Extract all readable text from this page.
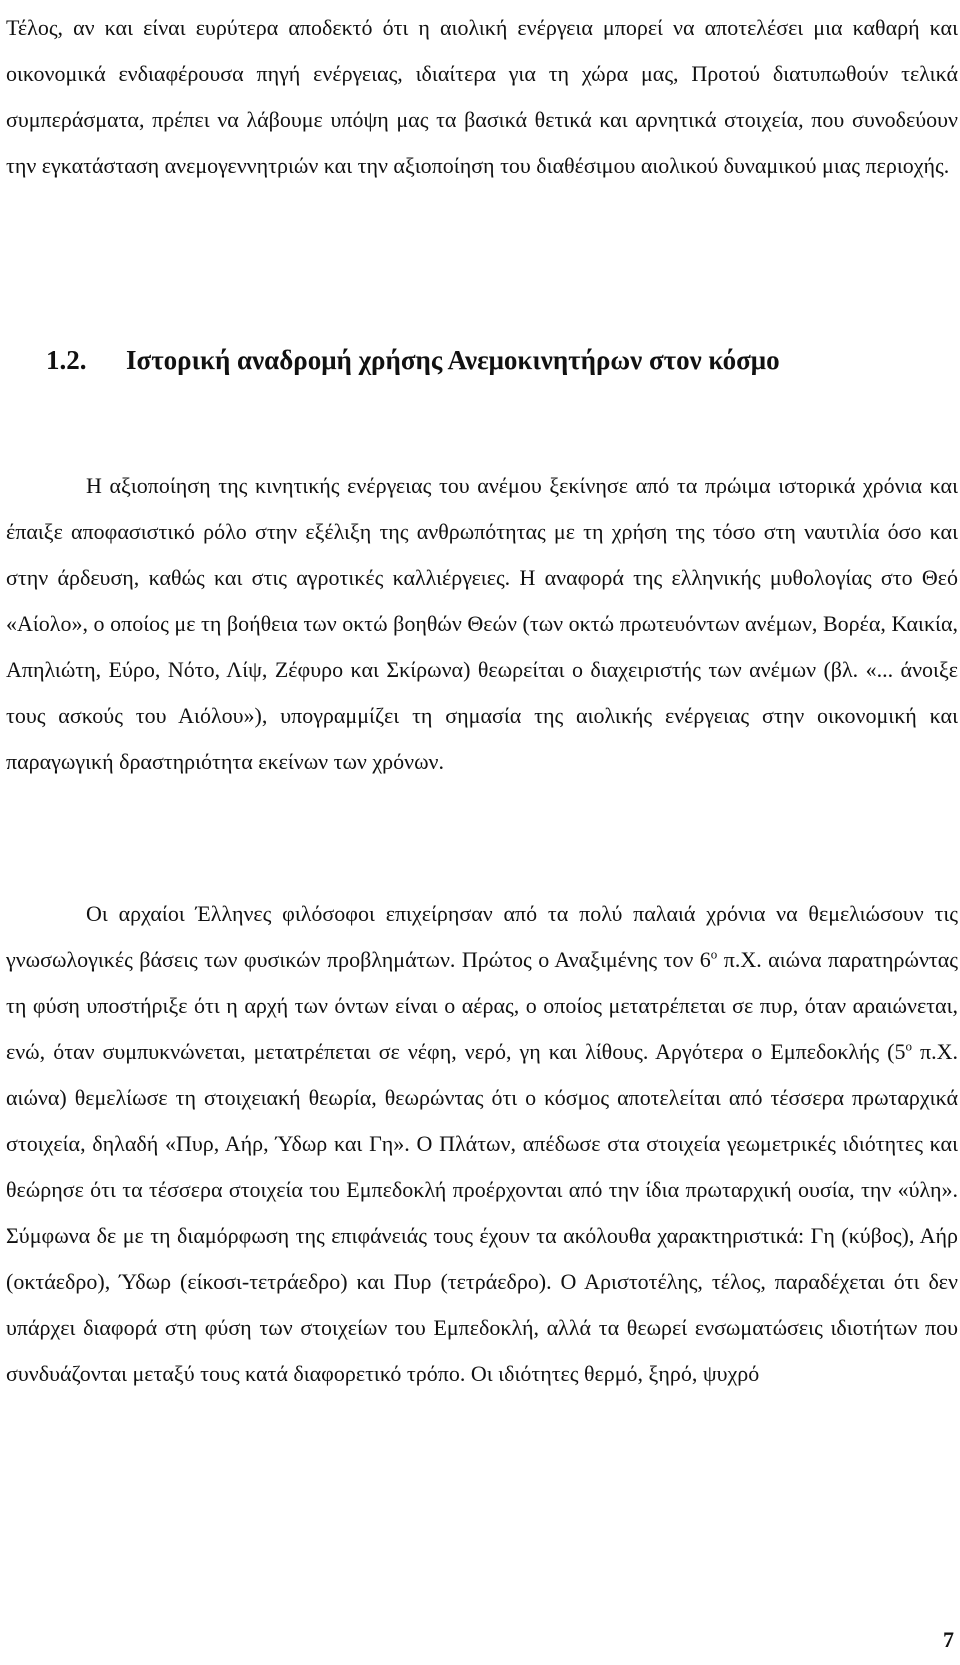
Τέλος, αν και είναι ευρύτερα αποδεκτό ότι η αιολική ενέργεια μπορεί να αποτελέσει μια καθαρή και οικονομικά ενδιαφέρουσα πηγή ενέργειας, ιδιαίτερα για τη χώρα μας, Προτού διατυπωθούν τελικά συμπεράσματα, πρέπει να λάβουμε υπόψη μας τα βασικά θετικά και αρνητικά στοιχεία, που συνοδεύουν την εγκατάσταση ανεμογεννητριών και την αξιοποίηση του διαθέσιμου αιολικού δυναμικού μιας περιοχής.

1.2. Ιστορική αναδρομή χρήσης Ανεμοκινητήρων στον κόσμο

Η αξιοποίηση της κινητικής ενέργειας του ανέμου ξεκίνησε από τα πρώιμα ιστορικά χρόνια και έπαιξε αποφασιστικό ρόλο στην εξέλιξη της ανθρωπότητας με τη χρήση της τόσο στη ναυτιλία όσο και στην άρδευση, καθώς και στις αγροτικές καλλιέργειες. Η αναφορά της ελληνικής μυθολογίας στο Θεό «Αίολο», ο οποίος με τη βοήθεια των οκτώ βοηθών Θεών (των οκτώ πρωτευόντων ανέμων, Βορέα, Καικία, Απηλιώτη, Εύρο, Νότο, Λίψ, Ζέφυρο και Σκίρωνα) θεωρείται ο διαχειριστής των ανέμων (βλ. «... άνοιξε τους ασκούς του Αιόλου»), υπογραμμίζει τη σημασία της αιολικής ενέργειας στην οικονομική και παραγωγική δραστηριότητα εκείνων των χρόνων.

Οι αρχαίοι Έλληνες φιλόσοφοι επιχείρησαν από τα πολύ παλαιά χρόνια να θεμελιώσουν τις γνωσωλογικές βάσεις των φυσικών προβλημάτων. Πρώτος ο Αναξιμένης τον $6^o$ π.Χ. αιώνα παρατηρώντας τη φύση υποστήριξε ότι η αρχή των όντων είναι ο αέρας, ο οποίος μετατρέπεται σε πυρ, όταν αραιώνεται, ενώ, όταν συμπυκνώνεται, μετατρέπεται σε νέφη, νερό, γη και λίθους. Αργότερα ο Εμπεδοκλής ($5^o$ π.Χ. αιώνα) θεμελίωσε τη στοιχειακή θεωρία, θεωρώντας ότι ο κόσμος αποτελείται από τέσσερα πρωταρχικά στοιχεία, δηλαδή «Πυρ, Αήρ, Ύδωρ και Γη». Ο Πλάτων, απέδωσε στα στοιχεία γεωμετρικές ιδιότητες και θεώρησε ότι τα τέσσερα στοιχεία του Εμπεδοκλή προέρχονται από την ίδια πρωταρχική ουσία, την «ύλη». Σύμφωνα δε με τη διαμόρφωση της επιφάνειάς τους έχουν τα ακόλουθα χαρακτηριστικά: Γη (κύβος), Αήρ (οκτάεδρο), Ύδωρ (είκοσι-τετράεδρο) και Πυρ (τετράεδρο). Ο Αριστοτέλης, τέλος, παραδέχεται ότι δεν υπάρχει διαφορά στη φύση των στοιχείων του Εμπεδοκλή, αλλά τα θεωρεί ενσωματώσεις ιδιοτήτων που συνδυάζονται μεταξύ τους κατά διαφορετικό τρόπο. Οι ιδιότητες θερμό, ξηρό, ψυχρό

7
